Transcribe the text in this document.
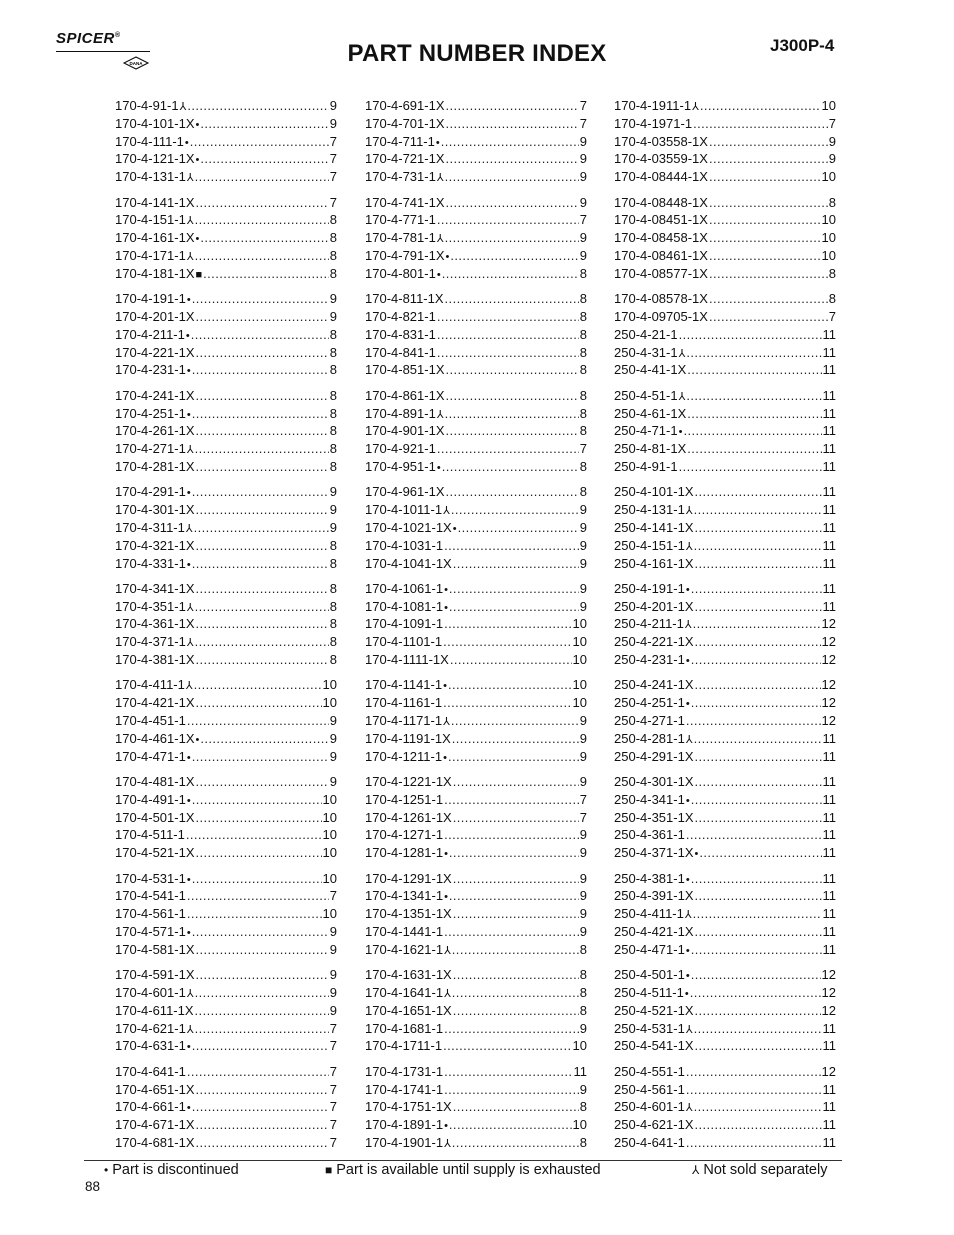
SPICER®
DANA	PART NUMBER INDEX	J300P-4
170-4-91-1 ⅄ .....	9
170-4-101-1X • .....	9
170-4-111-1 • .....	7
170-4-121-1X • .....	7
170-4-131-1 ⅄ .....	7
170-4-141-1X .....	7
170-4-151-1 ⅄ .....	8
170-4-161-1X • .....	8
170-4-171-1 ⅄ .....	8
170-4-181-1X ■ .....	8
170-4-191-1 • .....	9
170-4-201-1X .....	9
170-4-211-1 • .....	8
170-4-221-1X .....	8
170-4-231-1 • .....	8
170-4-241-1X .....	8
170-4-251-1 • .....	8
170-4-261-1X .....	8
170-4-271-1 ⅄ .....	8
170-4-281-1X .....	8
170-4-291-1 • .....	9
170-4-301-1X .....	9
170-4-311-1 ⅄ .....	9
170-4-321-1X .....	8
170-4-331-1 • .....	8
170-4-341-1X .....	8
170-4-351-1 ⅄ .....	8
170-4-361-1X .....	8
170-4-371-1 ⅄ .....	8
170-4-381-1X .....	8
170-4-411-1 ⅄ .....	10
170-4-421-1X .....	10
170-4-451-1 .....	9
170-4-461-1X • .....	9
170-4-471-1 • .....	9
170-4-481-1X .....	9
170-4-491-1 • .....	10
170-4-501-1X .....	10
170-4-511-1 .....	10
170-4-521-1X .....	10
170-4-531-1 • .....	10
170-4-541-1 .....	7
170-4-561-1 .....	10
170-4-571-1 • .....	9
170-4-581-1X .....	9
170-4-591-1X .....	9
170-4-601-1 ⅄ .....	9
170-4-611-1X .....	9
170-4-621-1 ⅄ .....	7
170-4-631-1 • .....	7
170-4-641-1 .....	7
170-4-651-1X .....	7
170-4-661-1 • .....	7
170-4-671-1X .....	7
170-4-681-1X .....	7
170-4-691-1X .....	7
170-4-701-1X .....	7
170-4-711-1 • .....	9
170-4-721-1X .....	9
170-4-731-1 ⅄ .....	9
170-4-741-1X .....	9
170-4-771-1 .....	7
170-4-781-1 ⅄ .....	9
170-4-791-1X • .....	9
170-4-801-1 • .....	8
170-4-811-1X .....	8
170-4-821-1 .....	8
170-4-831-1 .....	8
170-4-841-1 .....	8
170-4-851-1X .....	8
170-4-861-1X .....	8
170-4-891-1 ⅄ .....	8
170-4-901-1X .....	8
170-4-921-1 .....	7
170-4-951-1 • .....	8
170-4-961-1X .....	8
170-4-1011-1 ⅄ .....	9
170-4-1021-1X • .....	9
170-4-1031-1 .....	9
170-4-1041-1X .....	9
170-4-1061-1 • .....	9
170-4-1081-1 • .....	9
170-4-1091-1 .....	10
170-4-1101-1 .....	10
170-4-1111-1X .....	10
170-4-1141-1 • .....	10
170-4-1161-1 .....	10
170-4-1171-1 ⅄ .....	9
170-4-1191-1X .....	9
170-4-1211-1 • .....	9
170-4-1221-1X .....	9
170-4-1251-1 .....	7
170-4-1261-1X .....	7
170-4-1271-1 .....	9
170-4-1281-1 • .....	9
170-4-1291-1X .....	9
170-4-1341-1 • .....	9
170-4-1351-1X .....	9
170-4-1441-1 .....	9
170-4-1621-1 ⅄ .....	8
170-4-1631-1X .....	8
170-4-1641-1 ⅄ .....	8
170-4-1651-1X .....	8
170-4-1681-1 .....	9
170-4-1711-1 .....	10
170-4-1731-1 .....	11
170-4-1741-1 .....	9
170-4-1751-1X .....	8
170-4-1891-1 • .....	10
170-4-1901-1 ⅄ .....	8
170-4-1911-1 ⅄ .....	10
170-4-1971-1 .....	7
170-4-03558-1X .....	9
170-4-03559-1X .....	9
170-4-08444-1X .....	10
170-4-08448-1X .....	8
170-4-08451-1X .....	10
170-4-08458-1X .....	10
170-4-08461-1X .....	10
170-4-08577-1X .....	8
170-4-08578-1X .....	8
170-4-09705-1X .....	7
250-4-21-1 .....	11
250-4-31-1 ⅄ .....	11
250-4-41-1X .....	11
250-4-51-1 ⅄ .....	11
250-4-61-1X .....	11
250-4-71-1 • .....	11
250-4-81-1X .....	11
250-4-91-1 .....	11
250-4-101-1X .....	11
250-4-131-1 ⅄ .....	11
250-4-141-1X .....	11
250-4-151-1 ⅄ .....	11
250-4-161-1X .....	11
250-4-191-1 • .....	11
250-4-201-1X .....	11
250-4-211-1 ⅄ .....	12
250-4-221-1X .....	12
250-4-231-1 • .....	12
250-4-241-1X .....	12
250-4-251-1 • .....	12
250-4-271-1 .....	12
250-4-281-1 ⅄ .....	11
250-4-291-1X .....	11
250-4-301-1X .....	11
250-4-341-1 • .....	11
250-4-351-1X .....	11
250-4-361-1 .....	11
250-4-371-1X • .....	11
250-4-381-1 • .....	11
250-4-391-1X .....	11
250-4-411-1 ⅄ .....	11
250-4-421-1X .....	11
250-4-471-1 • .....	11
250-4-501-1 • .....	12
250-4-511-1 • .....	12
250-4-521-1X .....	12
250-4-531-1 ⅄ .....	11
250-4-541-1X .....	11
250-4-551-1 .....	12
250-4-561-1 .....	11
250-4-601-1 ⅄ .....	11
250-4-621-1X .....	11
250-4-641-1 .....	11
• Part is discontinued	■ Part is available until supply is exhausted	⅄ Not sold separately
88
